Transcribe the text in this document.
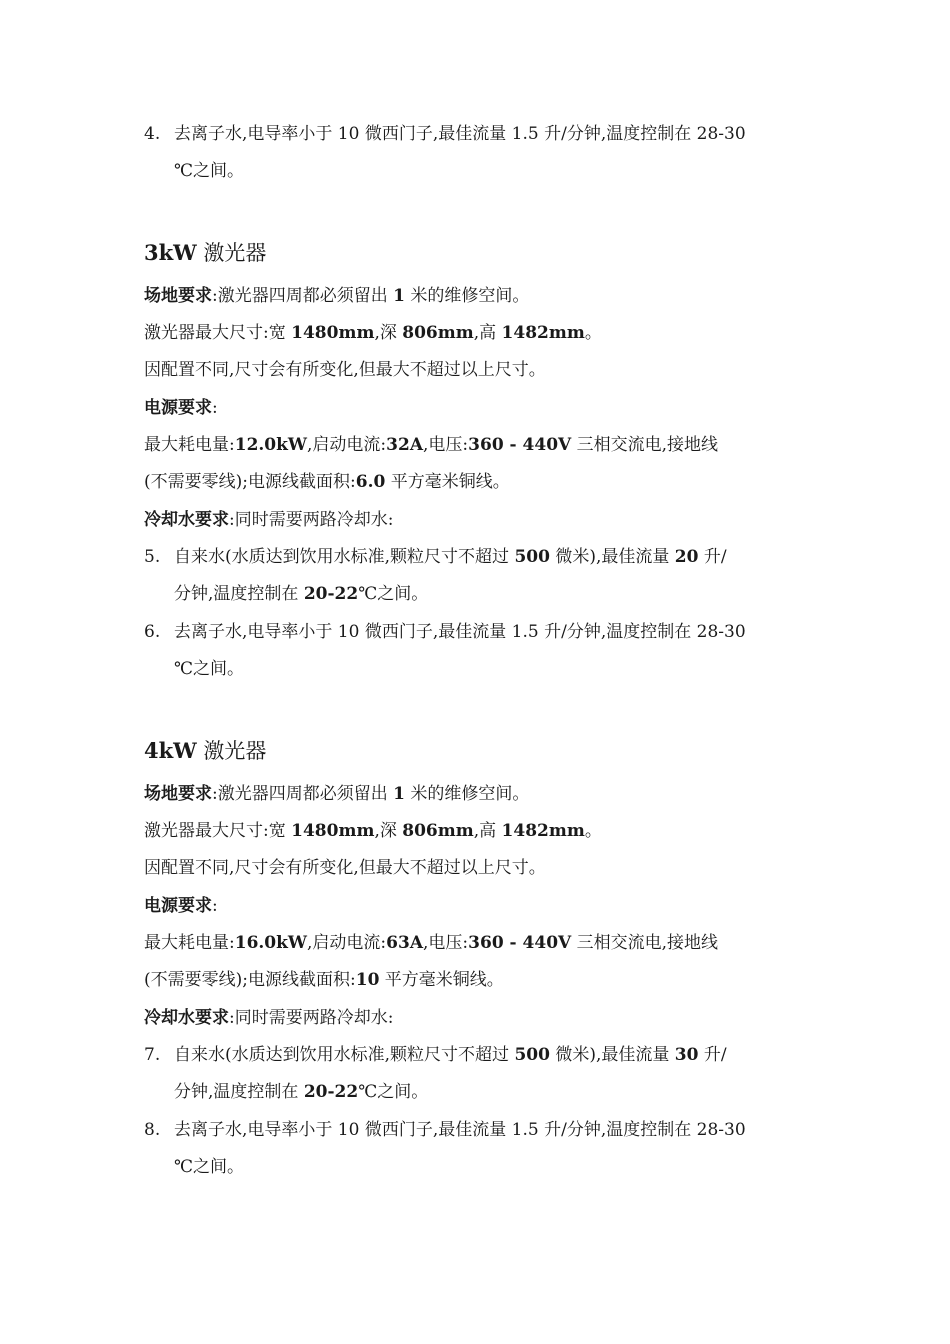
4. 去离子水,电导率小于 10 微西门子,最佳流量 1.5 升/分钟,温度控制在 28-30
℃之间。
3kW 激光器
场地要求:激光器四周都必须留出 1 米的维修空间。
激光器最大尺寸:宽 1480mm,深 806mm,高 1482mm。
因配置不同,尺寸会有所变化,但最大不超过以上尺寸。
电源要求:
最大耗电量:12.0kW,启动电流:32A,电压:360 - 440V 三相交流电,接地线
(不需要零线);电源线截面积:6.0 平方毫米铜线。
冷却水要求:同时需要两路冷却水:
5. 自来水(水质达到饮用水标准,颗粒尺寸不超过 500 微米),最佳流量 20 升/
分钟,温度控制在 20-22℃之间。
6. 去离子水,电导率小于 10 微西门子,最佳流量 1.5 升/分钟,温度控制在 28-30
℃之间。
4kW 激光器
场地要求:激光器四周都必须留出 1 米的维修空间。
激光器最大尺寸:宽 1480mm,深 806mm,高 1482mm。
因配置不同,尺寸会有所变化,但最大不超过以上尺寸。
电源要求:
最大耗电量:16.0kW,启动电流:63A,电压:360 - 440V 三相交流电,接地线
(不需要零线);电源线截面积:10 平方毫米铜线。
冷却水要求:同时需要两路冷却水:
7. 自来水(水质达到饮用水标准,颗粒尺寸不超过 500 微米),最佳流量 30 升/
分钟,温度控制在 20-22℃之间。
8. 去离子水,电导率小于 10 微西门子,最佳流量 1.5 升/分钟,温度控制在 28-30
℃之间。
